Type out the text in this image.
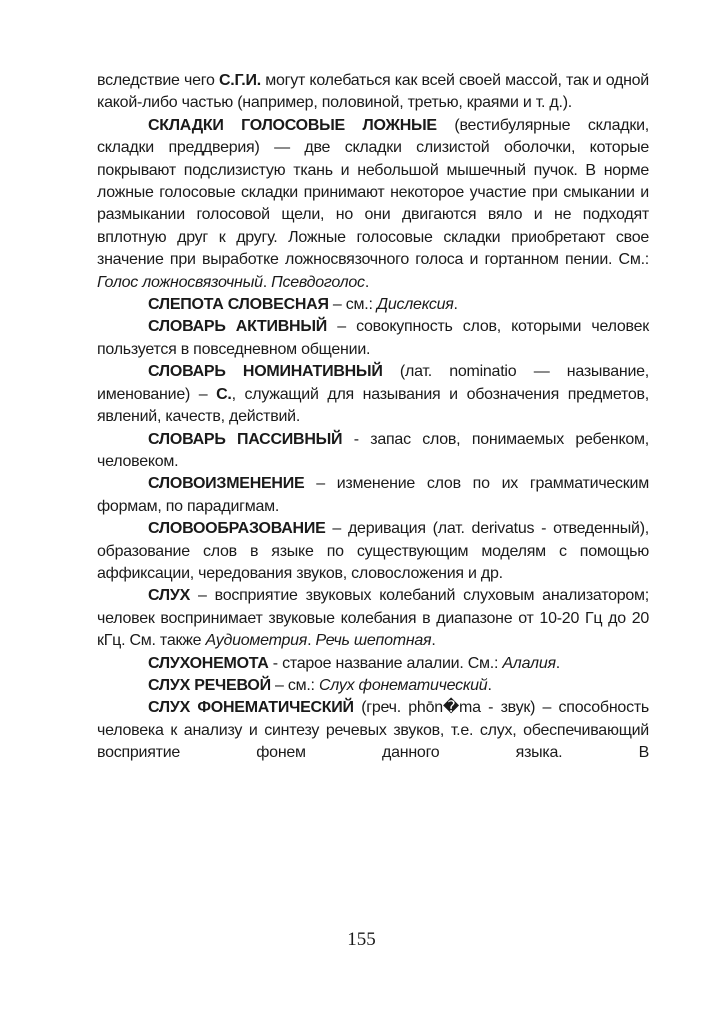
вследствие чего С.Г.И. могут колебаться как всей своей массой, так и одной какой-либо частью (например, половиной, третью, краями и т. д.).

СКЛАДКИ ГОЛОСОВЫЕ ЛОЖНЫЕ (вестибулярные складки, складки преддверия) — две складки слизистой оболочки, которые покрывают подслизистую ткань и небольшой мышечный пучок. В норме ложные голосовые складки принимают некоторое участие при смыкании и размыкании голосовой щели, но они двигаются вяло и не подходят вплотную друг к другу. Ложные голосовые складки приобретают свое значение при выработке ложносвязочного голоса и гортанном пении. См.: Голос ложносвязочный. Псевдоголос.

СЛЕПОТА СЛОВЕСНАЯ – см.: Дислексия.

СЛОВАРЬ АКТИВНЫЙ – совокупность слов, которыми человек пользуется в повседневном общении.

СЛОВАРЬ НОМИНАТИВНЫЙ (лат. nominatio — называние, именование) – С., служащий для называния и обозначения предметов, явлений, качеств, действий.

СЛОВАРЬ ПАССИВНЫЙ - запас слов, понимаемых ребенком, человеком.

СЛОВОИЗМЕНЕНИЕ – изменение слов по их грамматическим формам, по парадигмам.

СЛОВООБРАЗОВАНИЕ – деривация (лат. derivatus - отведенный), образование слов в языке по существующим моделям с помощью аффиксации, чередования звуков, словосложения и др.

СЛУХ – восприятие звуковых колебаний слуховым анализатором; человек воспринимает звуковые колебания в диапазоне от 10-20 Гц до 20 кГц. См. также Аудиометрия. Речь шепотная.

СЛУХОНЕМОТА - старое название алалии. См.: Алалия.

СЛУХ РЕЧЕВОЙ – см.: Слух фонематический.

СЛУХ ФОНЕМАТИЧЕСКИЙ (греч. phōn�ma - звук) – способность человека к анализу и синтезу речевых звуков, т.е. слух, обеспечивающий восприятие фонем данного языка. В

155
